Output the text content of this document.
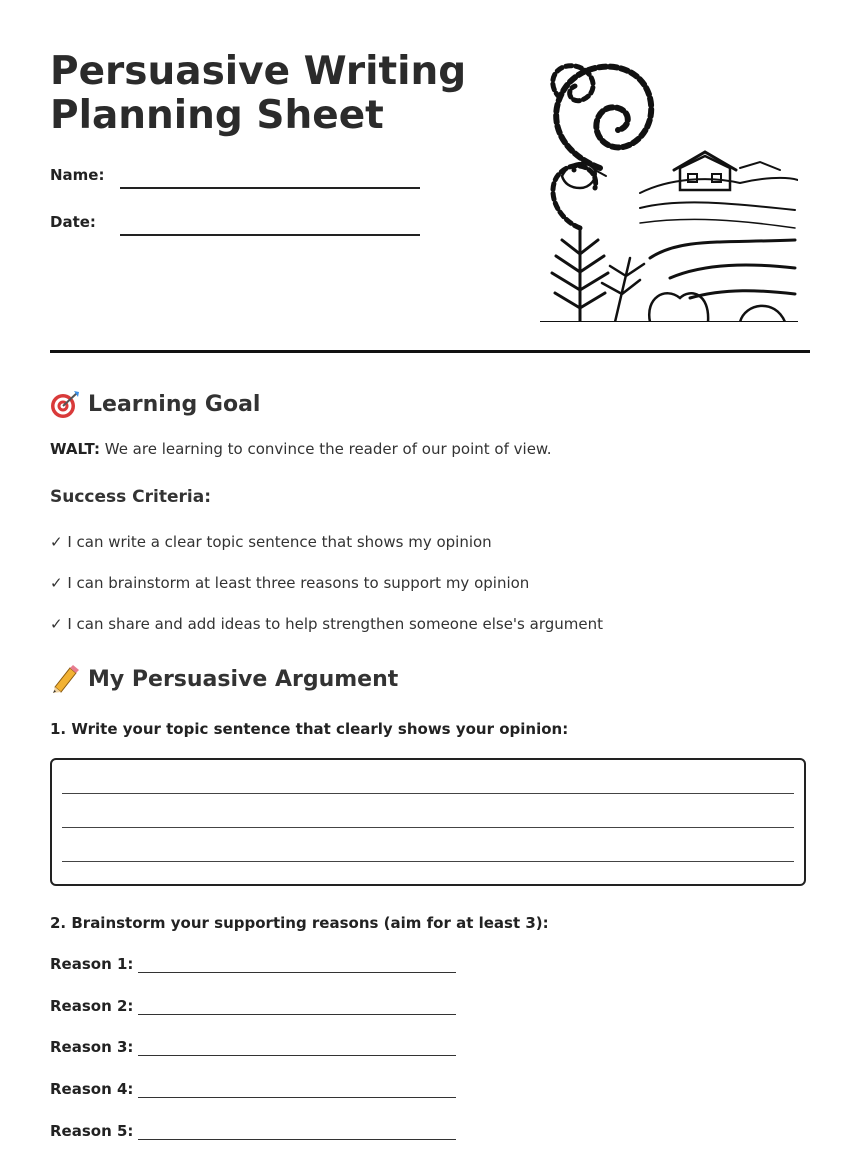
Persuasive Writing
Planning Sheet
Name:
Date:
Learning Goal
WALT: We are learning to convince the reader of our point of view.
Success Criteria:
✓ I can write a clear topic sentence that shows my opinion
✓ I can brainstorm at least three reasons to support my opinion
✓ I can share and add ideas to help strengthen someone else's argument
My Persuasive Argument
1. Write your topic sentence that clearly shows your opinion:
2. Brainstorm your supporting reasons (aim for at least 3):
Reason 1:
Reason 2:
Reason 3:
Reason 4:
Reason 5:
